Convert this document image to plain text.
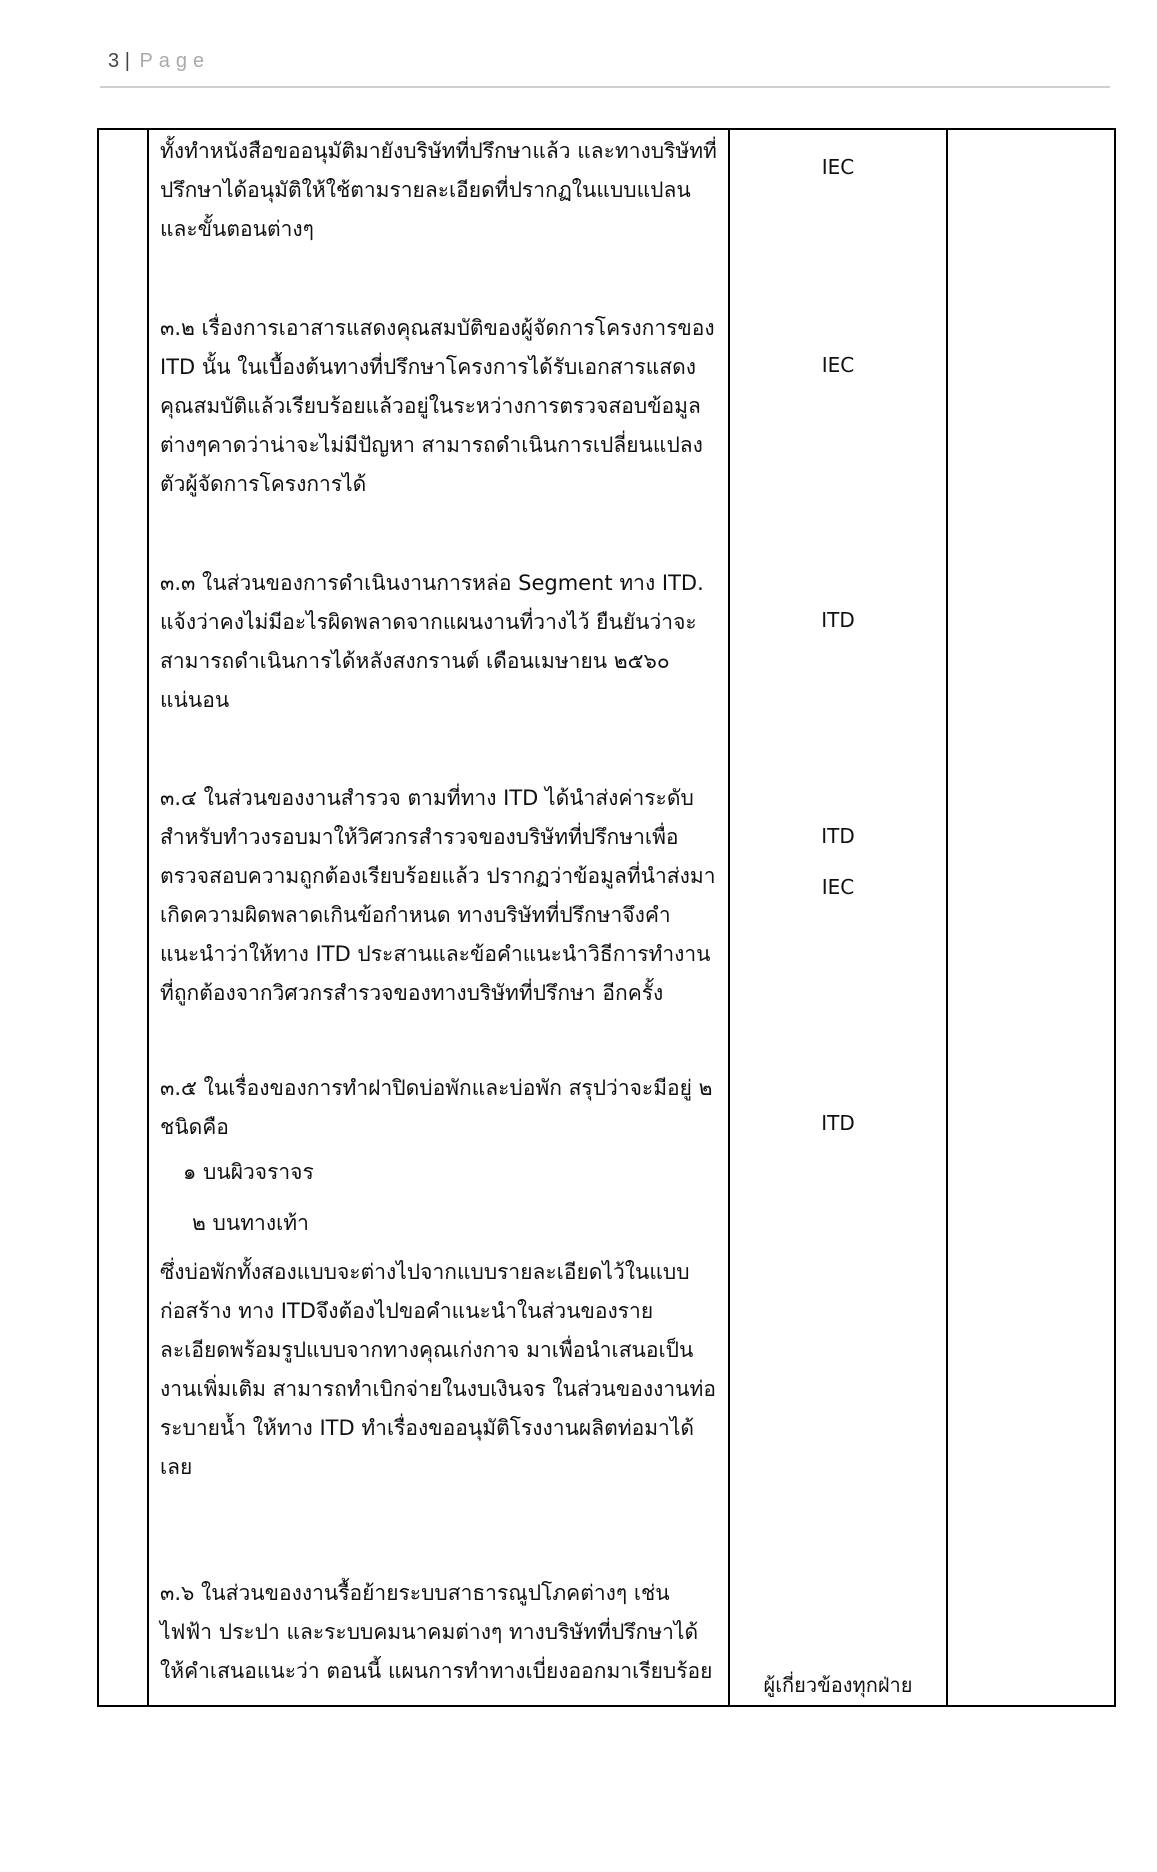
3 | Page

	ทั้งทำหนังสือขออนุมัติมายังบริษัทที่ปรึกษาแล้ว และทางบริษัทที่ปรึกษาได้อนุมัติให้ใช้ตามรายละเอียดที่ปรากฏในแบบแปลนและขั้นตอนต่างๆ	IEC	

	๓.๒ เรื่องการเอาสารแสดงคุณสมบัติของผู้จัดการโครงการของ ITD นั้น ในเบื้องต้นทางที่ปรึกษาโครงการได้รับเอกสารแสดงคุณสมบัติแล้วเรียบร้อยแล้วอยู่ในระหว่างการตรวจสอบข้อมูลต่างๆคาดว่าน่าจะไม่มีปัญหา สามารถดำเนินการเปลี่ยนแปลงตัวผู้จัดการโครงการได้	IEC	

	๓.๓ ในส่วนของการดำเนินงานการหล่อ Segment ทาง ITD. แจ้งว่าคงไม่มีอะไรผิดพลาดจากแผนงานที่วางไว้ ยืนยันว่าจะสามารถดำเนินการได้หลังสงกรานต์ เดือนเมษายน ๒๕๖๐ แน่นอน	ITD	

	๓.๔ ในส่วนของงานสำรวจ ตามที่ทาง ITD ได้นำส่งค่าระดับสำหรับทำวงรอบมาให้วิศวกรสำรวจของบริษัทที่ปรึกษาเพื่อตรวจสอบความถูกต้องเรียบร้อยแล้ว ปรากฏว่าข้อมูลที่นำส่งมาเกิดความผิดพลาดเกินข้อกำหนด ทางบริษัทที่ปรึกษาจึงคำแนะนำว่าให้ทาง ITD ประสานและข้อคำแนะนำวิธีการทำงานที่ถูกต้องจากวิศวกรสำรวจของทางบริษัทที่ปรึกษา อีกครั้ง	ITD
IEC	

	๓.๕ ในเรื่องของการทำฝาปิดบ่อพักและบ่อพัก สรุปว่าจะมีอยู่ ๒ ชนิดคือ
๑ บนผิวจราจร
๒ บนทางเท้า
ซึ่งบ่อพักทั้งสองแบบจะต่างไปจากแบบรายละเอียดไว้ในแบบก่อสร้าง ทาง ITDจึงต้องไปขอคำแนะนำในส่วนของรายละเอียดพร้อมรูปแบบจากทางคุณเก่งกาจ มาเพื่อนำเสนอเป็นงานเพิ่มเติม สามารถทำเบิกจ่ายในงบเงินจร ในส่วนของงานท่อระบายน้ำ ให้ทาง ITD ทำเรื่องขออนุมัติโรงงานผลิตท่อมาได้เลย	ITD	

	๓.๖ ในส่วนของงานรื้อย้ายระบบสาธารณูปโภคต่างๆ เช่น ไฟฟ้า ประปา และระบบคมนาคมต่างๆ ทางบริษัทที่ปรึกษาได้ให้คำเสนอแนะว่า ตอนนี้ แผนการทำทางเบี่ยงออกมาเรียบร้อย	ผู้เกี่ยวข้องทุกฝ่าย	
